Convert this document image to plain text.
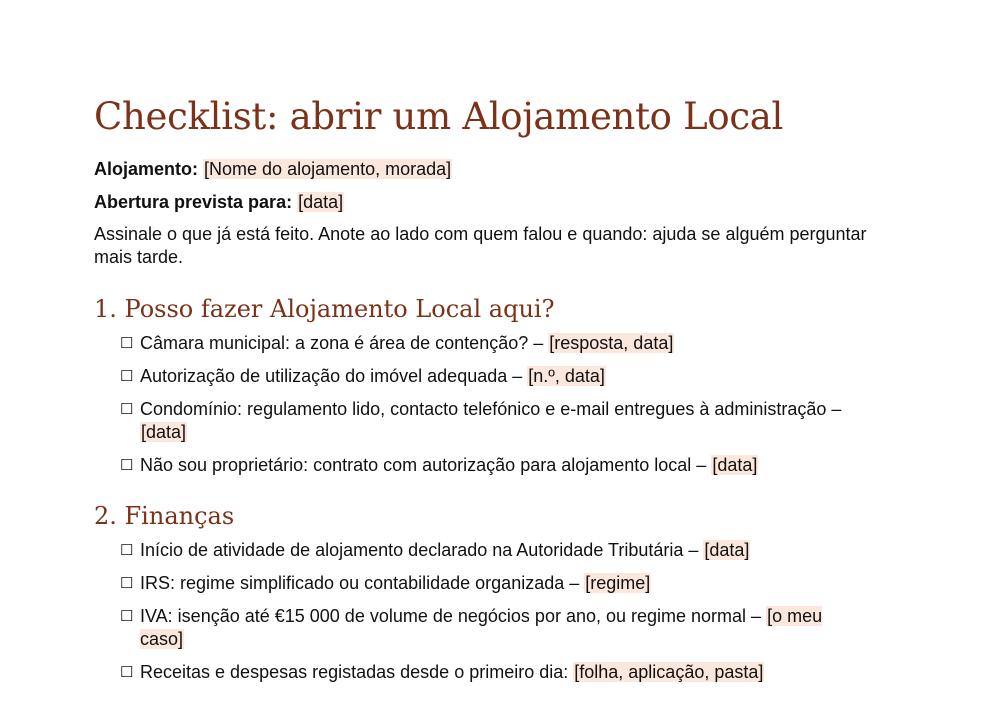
Checklist: abrir um Alojamento Local

Alojamento: [Nome do alojamento, morada]

Abertura prevista para: [data]

Assinale o que já está feito. Anote ao lado com quem falou e quando: ajuda se alguém perguntar mais tarde.

1. Posso fazer Alojamento Local aqui?
☐ Câmara municipal: a zona é área de contenção? – [resposta, data]
☐ Autorização de utilização do imóvel adequada – [n.º, data]
☐ Condomínio: regulamento lido, contacto telefónico e e-mail entregues à administração – [data]
☐ Não sou proprietário: contrato com autorização para alojamento local – [data]
2. Finanças
☐ Início de atividade de alojamento declarado na Autoridade Tributária – [data]
☐ IRS: regime simplificado ou contabilidade organizada – [regime]
☐ IVA: isenção até €15 000 de volume de negócios por ano, ou regime normal – [o meu caso]
☐ Receitas e despesas registadas desde o primeiro dia: [folha, aplicação, pasta]
